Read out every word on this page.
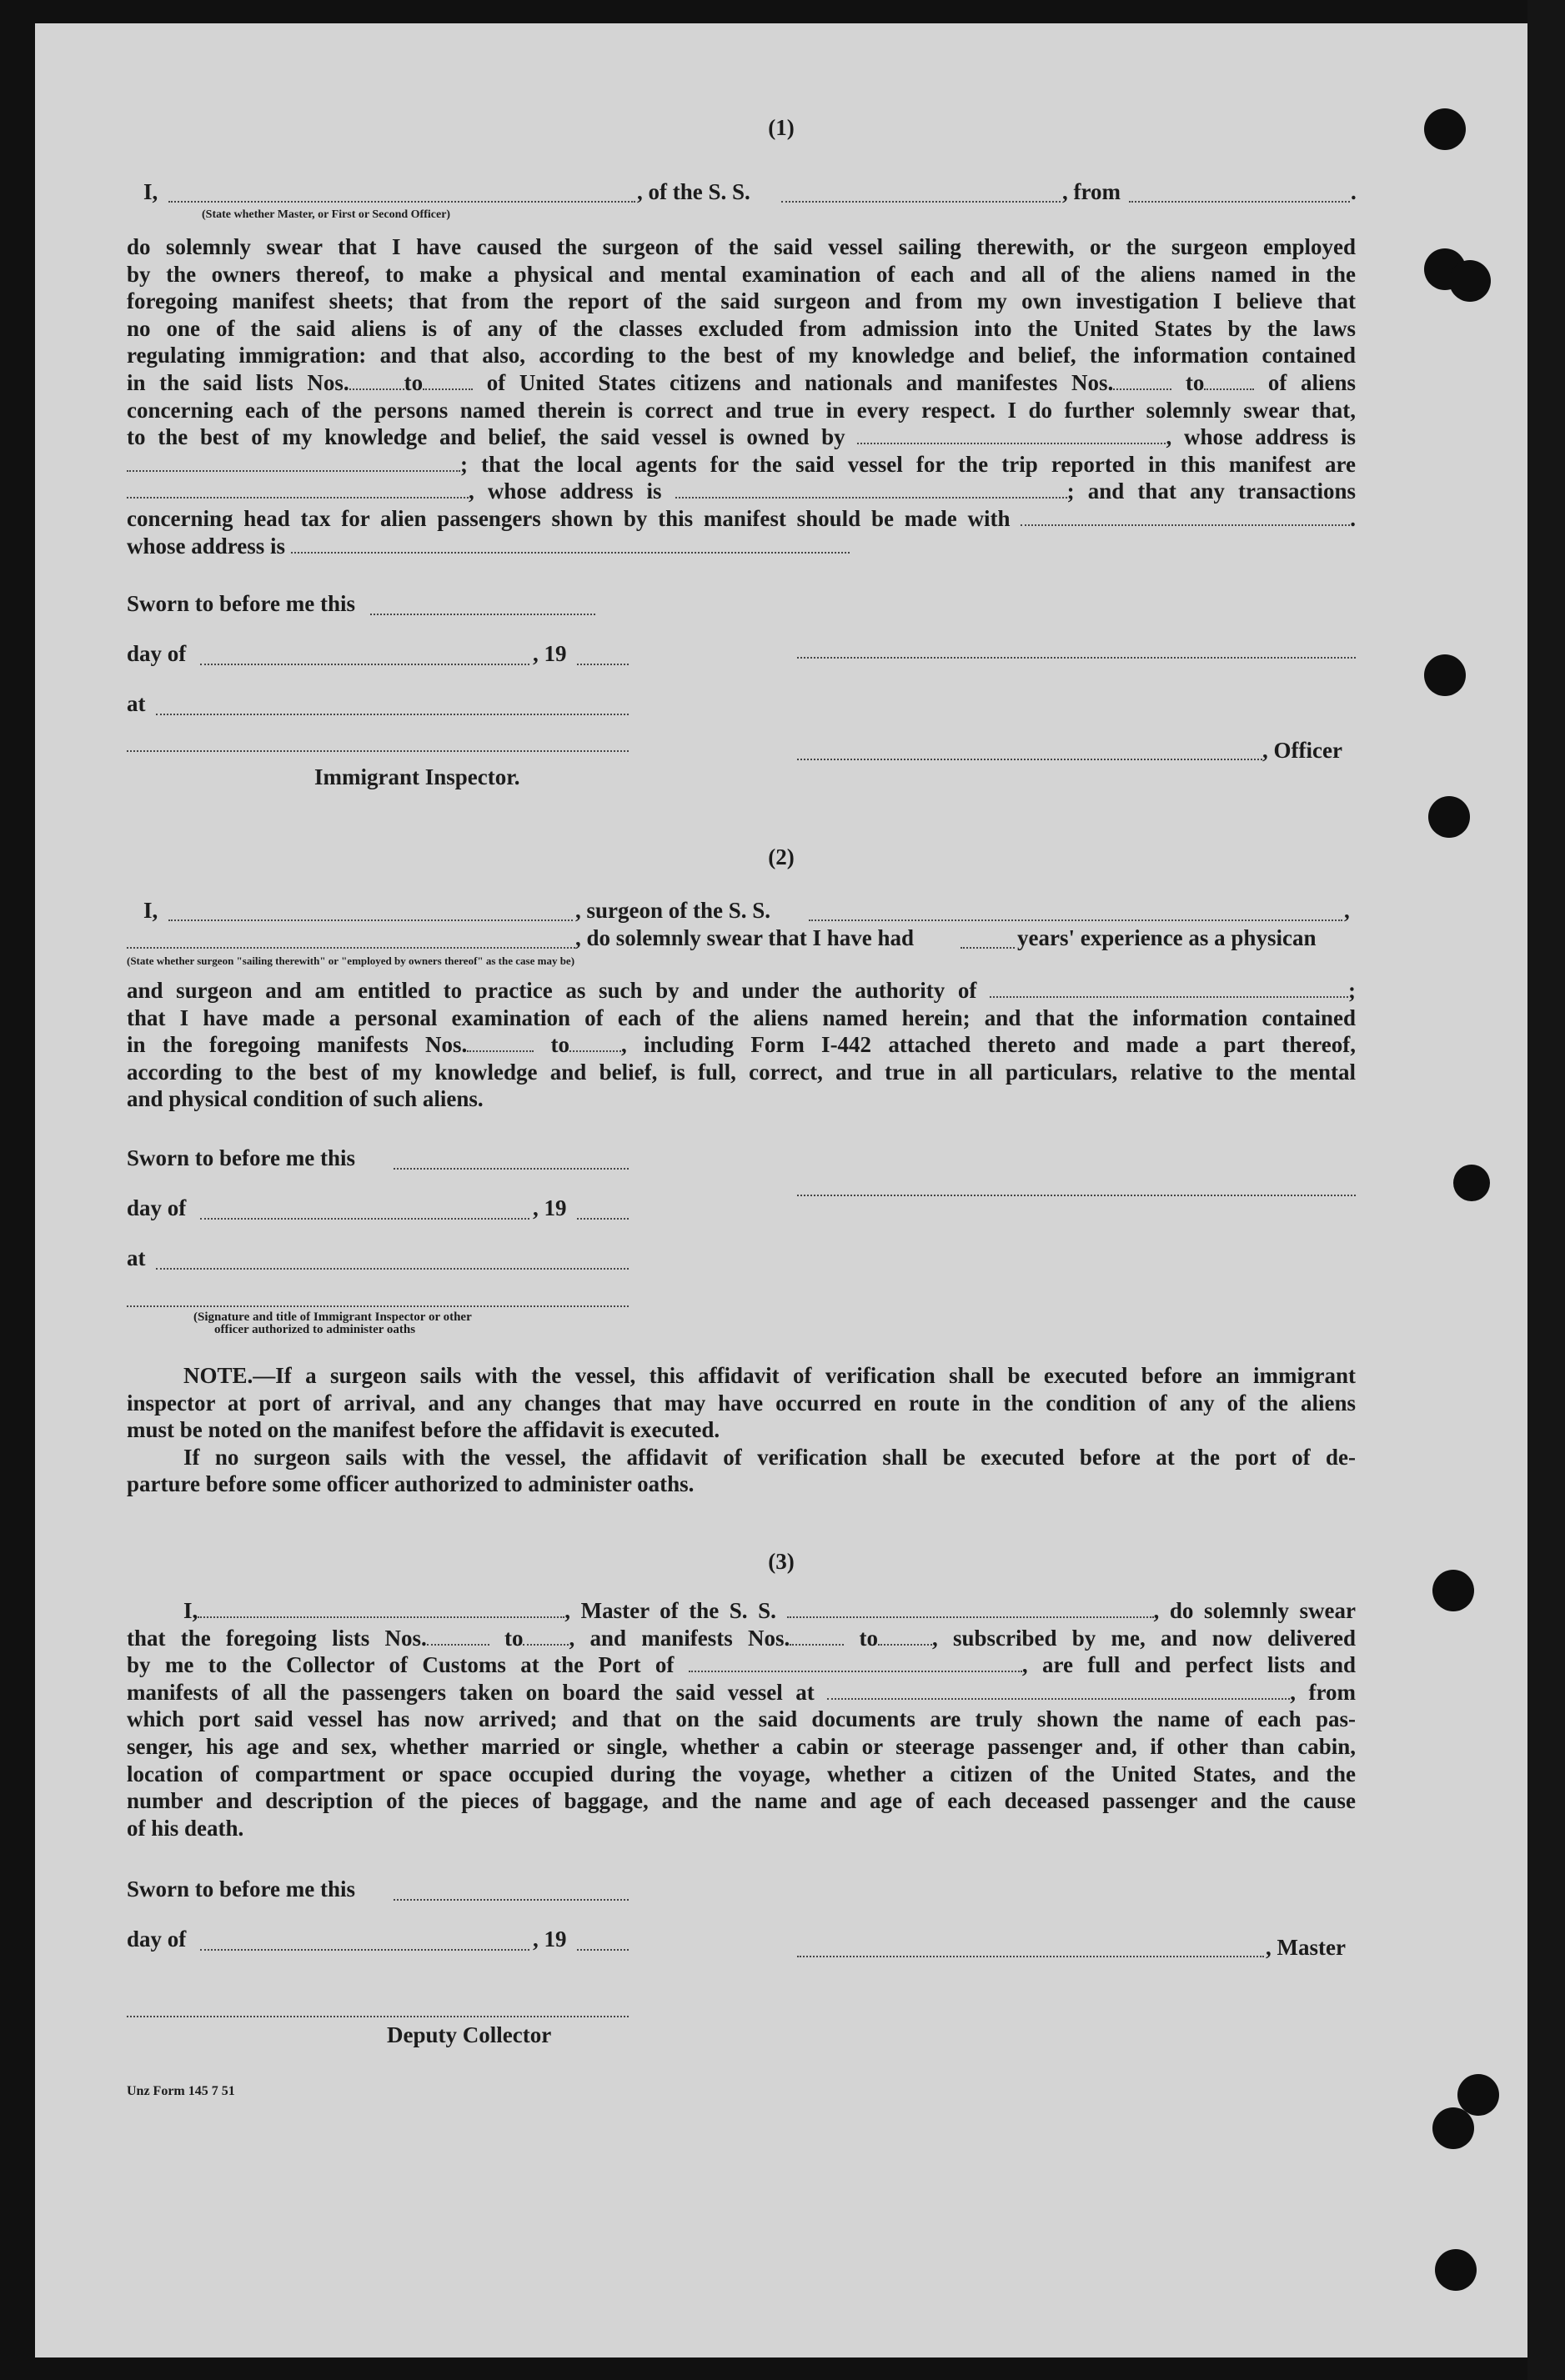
(1)
I,	, of the S. S.	, from	.
(State whether Master, or First or Second Officer)
do solemnly swear that I have caused the surgeon of the said vessel sailing therewith, or the surgeon employed
by the owners thereof, to make a physical and mental examination of each and all of the aliens named in the
foregoing manifest sheets; that from the report of the said surgeon and from my own investigation I believe that
no one of the said aliens is of any of the classes excluded from admission into the United States by the laws
regulating immigration: and that also, according to the best of my knowledge and belief, the information contained
in the said lists Nos. to	of United States citizens and nationals and manifestes Nos.	to	of aliens
concerning each of the persons named therein is correct and true in every respect. I do further solemnly swear that,
to the best of my knowledge and belief, the said vessel is owned by	, whose address is
; that the local agents for the said vessel for the trip reported in this manifest are
, whose address is	; and that any transactions
concerning head tax for alien passengers shown by this manifest should be made with	.
whose address is
Sworn to before me this
day of	, 19
at
, Officer
Immigrant Inspector.
(2)
I,	, surgeon of the S. S.	,
, do solemnly swear that I have had	years' experience as a physican
(State whether surgeon "sailing therewith" or "employed by owners thereof" as the case may be)
and surgeon and am entitled to practice as such by and under the authority of	;
that I have made a personal examination of each of the aliens named herein; and that the information contained
in the foregoing manifests Nos.	to , including Form I-442 attached thereto and made a part thereof,
according to the best of my knowledge and belief, is full, correct, and true in all particulars, relative to the mental
and physical condition of such aliens.
Sworn to before me this
day of	, 19
at
(Signature and title of Immigrant Inspector or other
officer authorized to administer oaths
NOTE.—If a surgeon sails with the vessel, this affidavit of verification shall be executed before an immigrant
inspector at port of arrival, and any changes that may have occurred en route in the condition of any of the aliens
must be noted on the manifest before the affidavit is executed.
If no surgeon sails with the vessel, the affidavit of verification shall be executed before at the port of de-
parture before some officer authorized to administer oaths.
(3)
I,	, Master of the S. S.	, do solemnly swear
that the foregoing lists Nos.	to , and manifests Nos.	to , subscribed by me, and now delivered
by me to the Collector of Customs at the Port of	, are full and perfect lists and
manifests of all the passengers taken on board the said vessel at	, from
which port said vessel has now arrived; and that on the said documents are truly shown the name of each pas-
senger, his age and sex, whether married or single, whether a cabin or steerage passenger and, if other than cabin,
location of compartment or space occupied during the voyage, whether a citizen of the United States, and the
number and description of the pieces of baggage, and the name and age of each deceased passenger and the cause
of his death.
Sworn to before me this
day of	, 19	, Master
Deputy Collector
Unz Form 145 7 51
